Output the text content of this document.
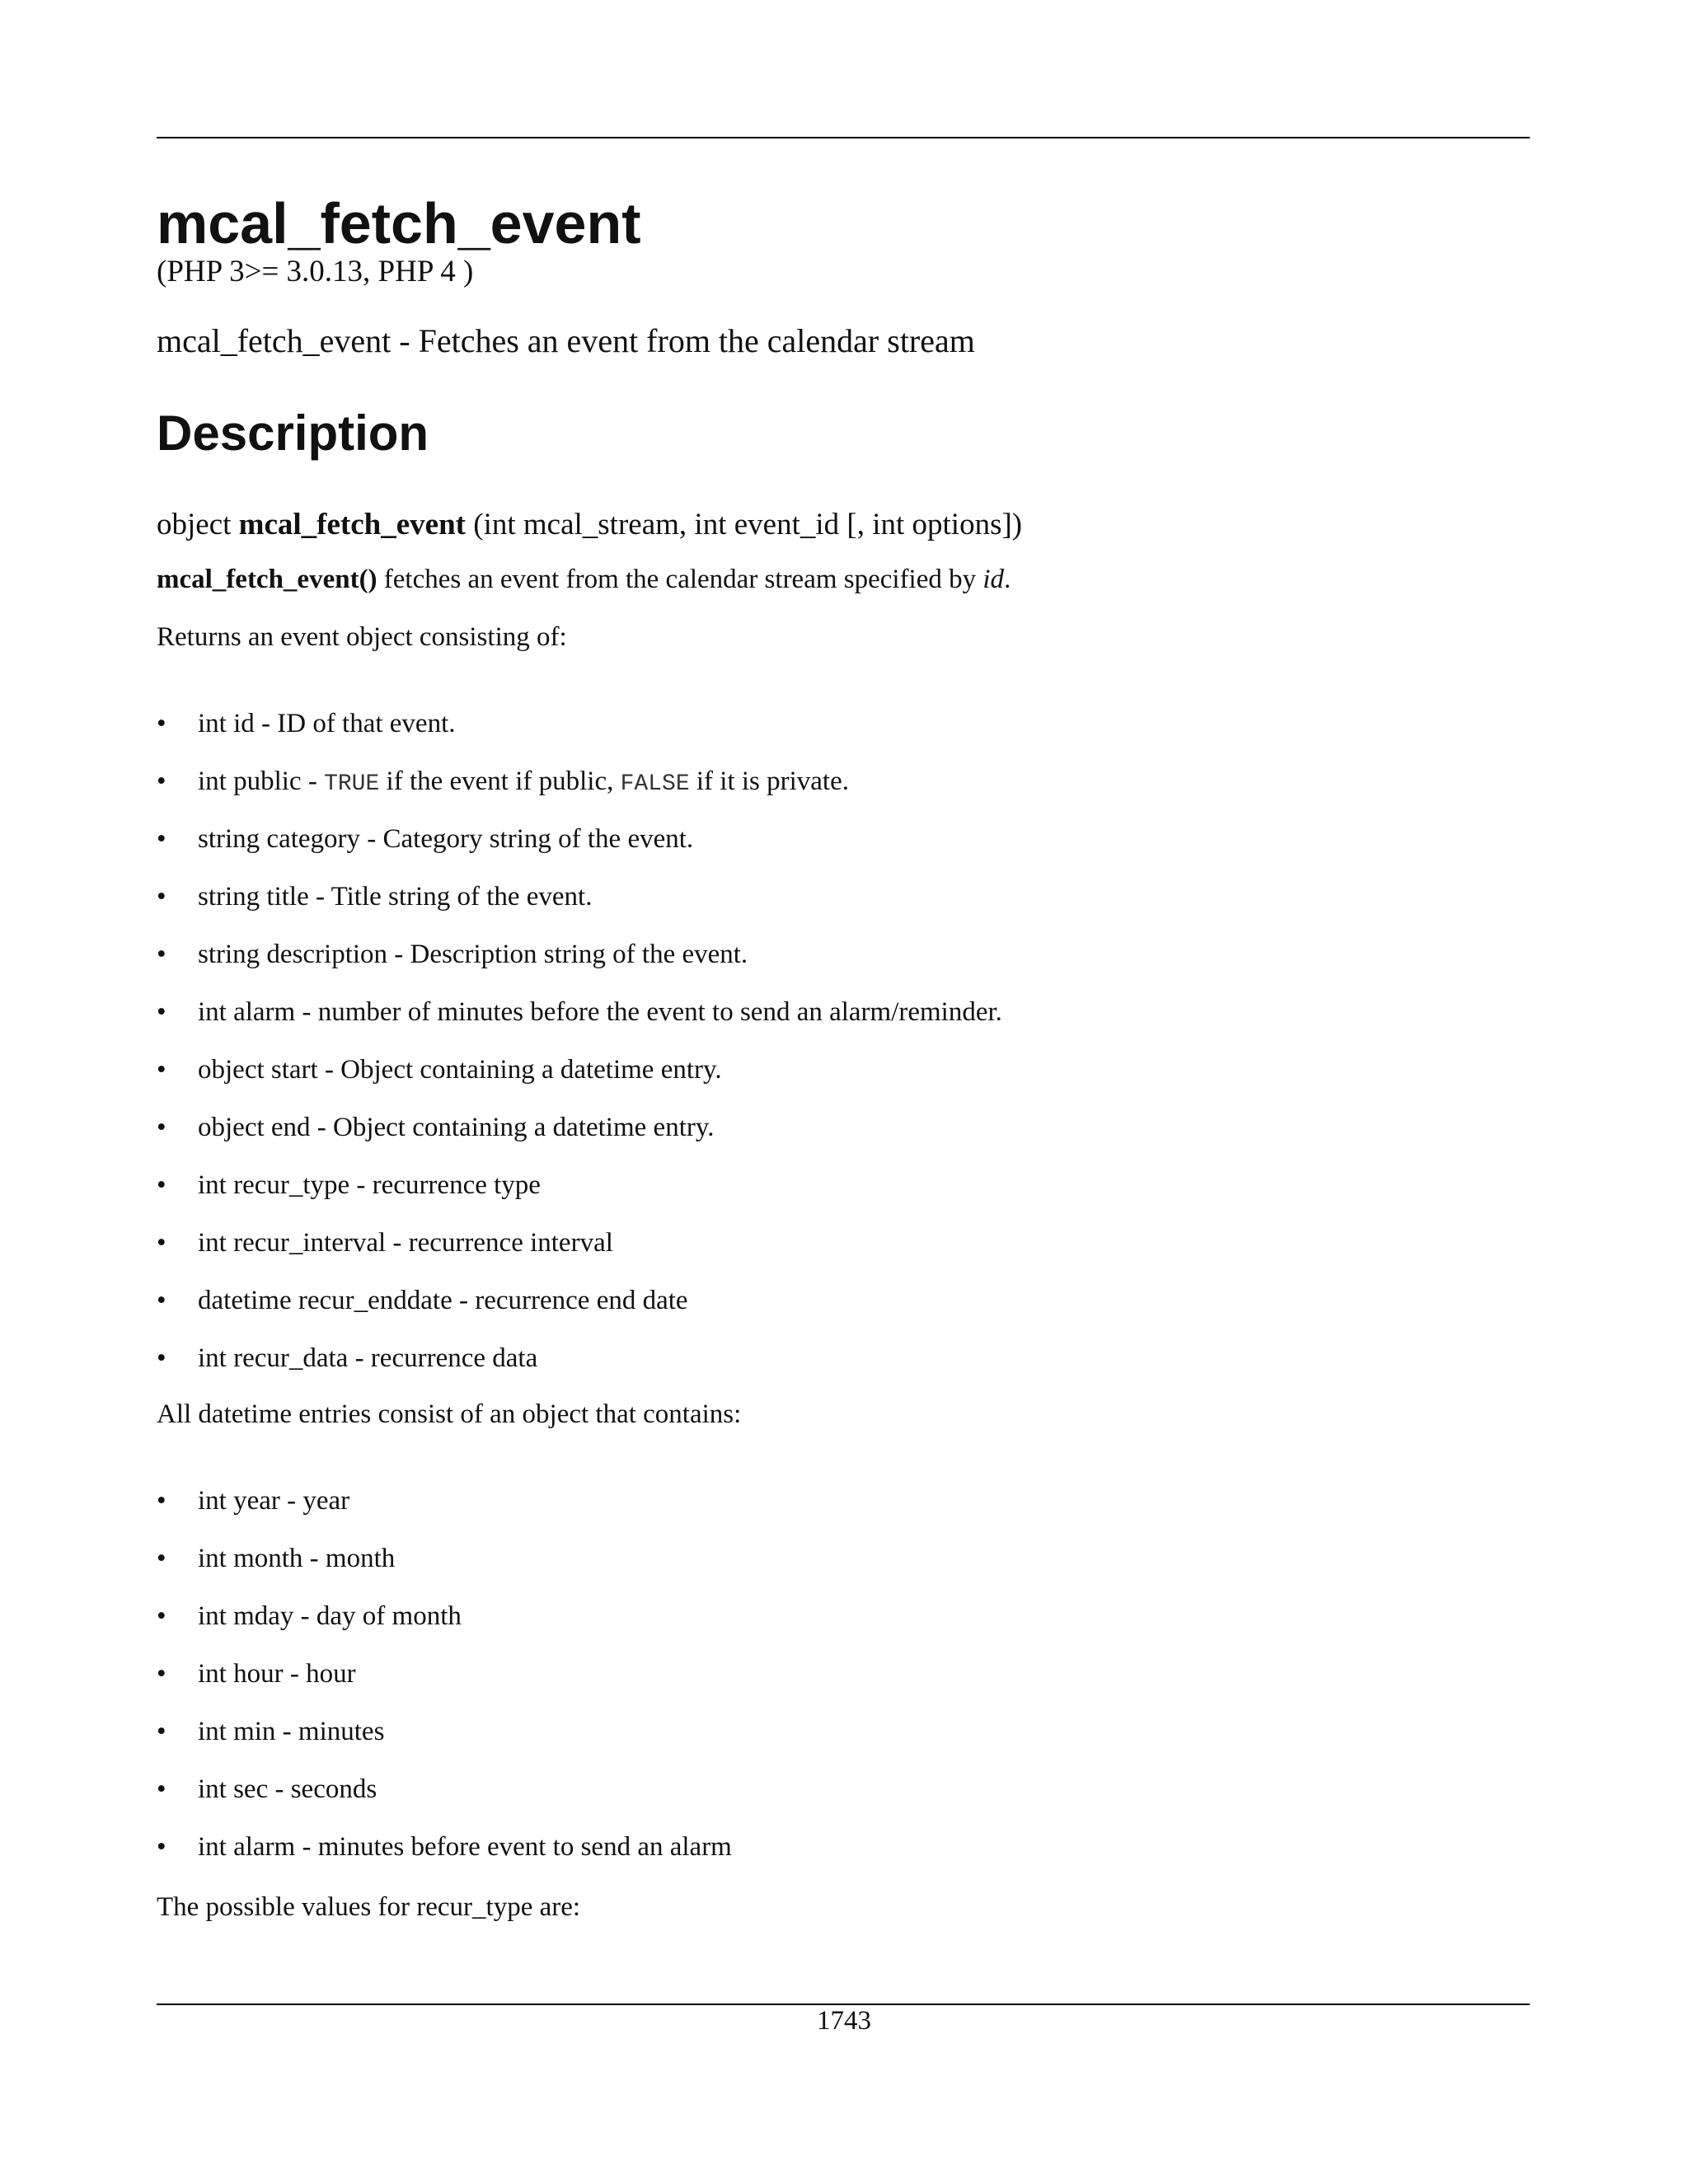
mcal_fetch_event
(PHP 3>= 3.0.13, PHP 4 )
mcal_fetch_event - Fetches an event from the calendar stream
Description
object mcal_fetch_event (int mcal_stream, int event_id [, int options])
mcal_fetch_event() fetches an event from the calendar stream specified by id.
Returns an event object consisting of:
• int id - ID of that event.
• int public - TRUE if the event if public, FALSE if it is private.
• string category - Category string of the event.
• string title - Title string of the event.
• string description - Description string of the event.
• int alarm - number of minutes before the event to send an alarm/reminder.
• object start - Object containing a datetime entry.
• object end - Object containing a datetime entry.
• int recur_type - recurrence type
• int recur_interval - recurrence interval
• datetime recur_enddate - recurrence end date
• int recur_data - recurrence data
All datetime entries consist of an object that contains:
• int year - year
• int month - month
• int mday - day of month
• int hour - hour
• int min - minutes
• int sec - seconds
• int alarm - minutes before event to send an alarm
The possible values for recur_type are:
1743
